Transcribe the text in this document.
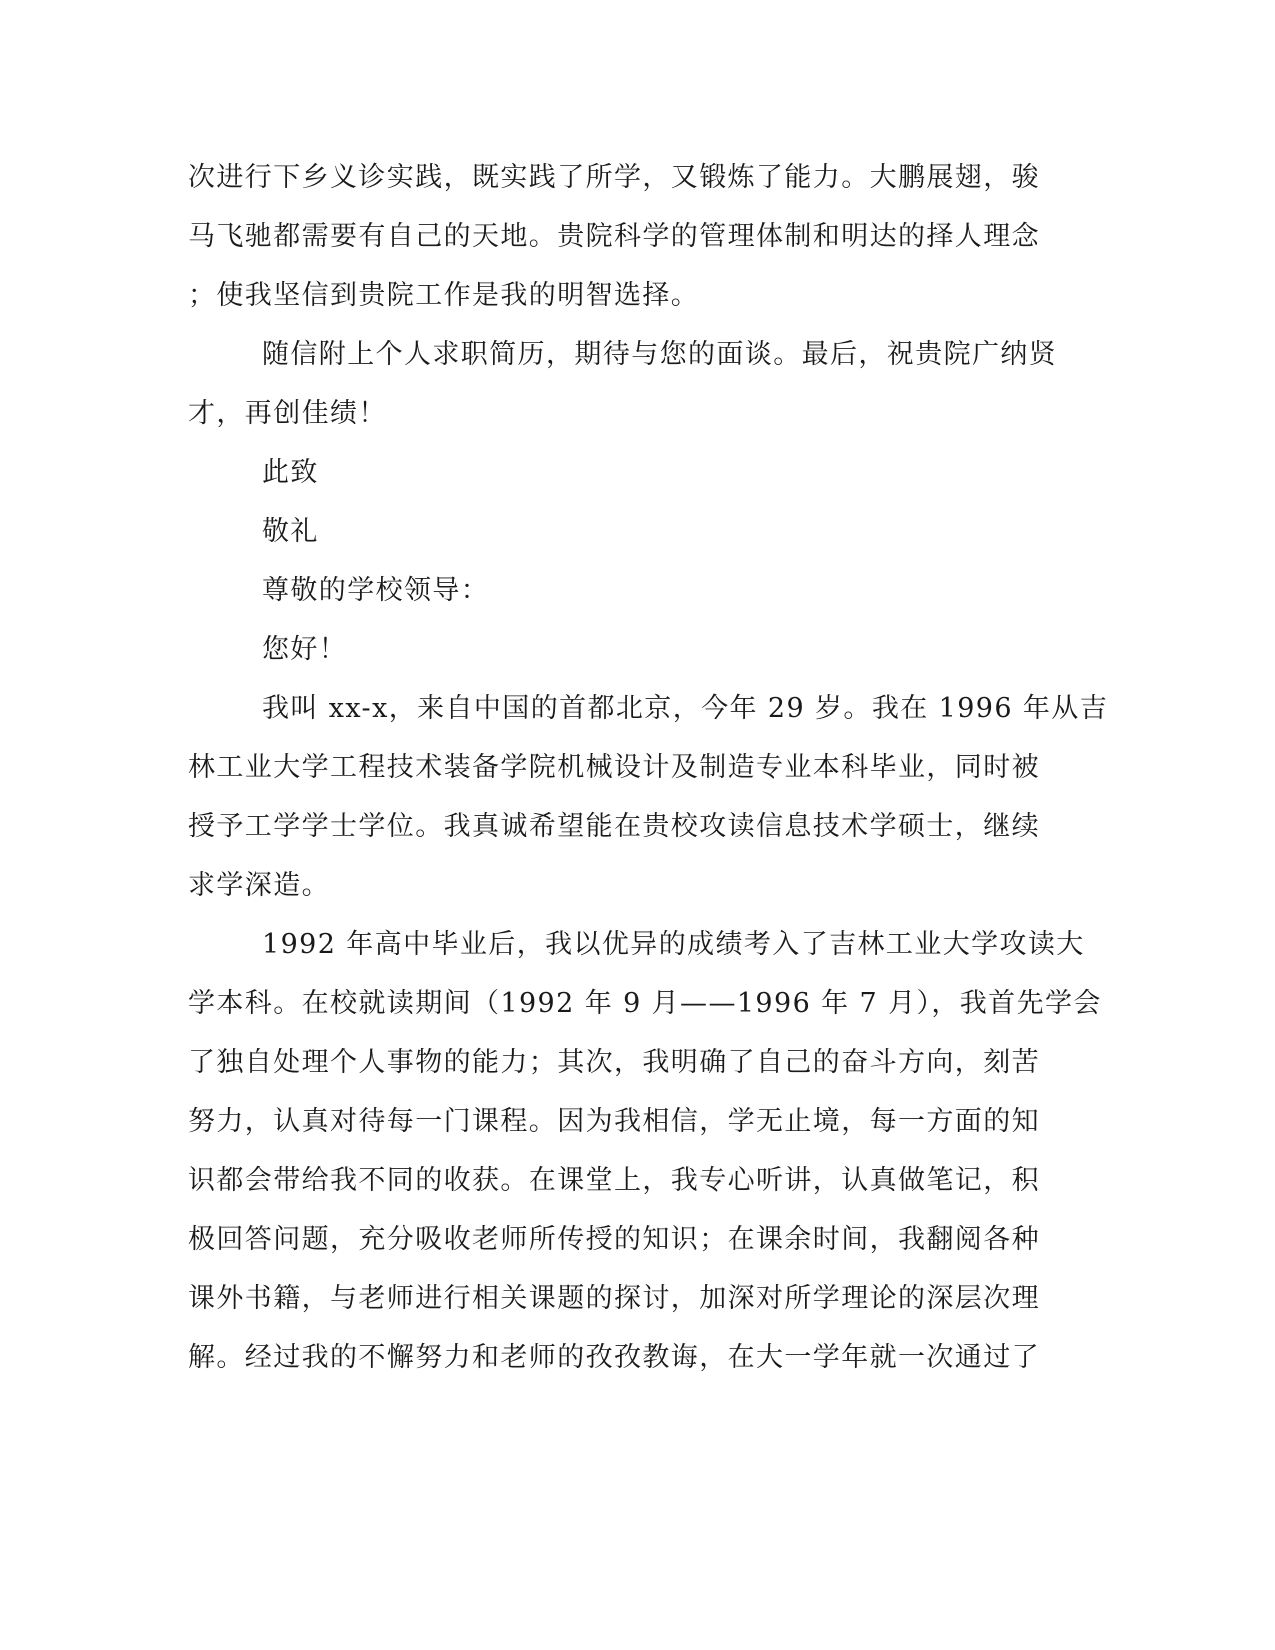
次进行下乡义诊实践，既实践了所学，又锻炼了能力。大鹏展翅，骏
马飞驰都需要有自己的天地。贵院科学的管理体制和明达的择人理念
；使我坚信到贵院工作是我的明智选择。
随信附上个人求职简历，期待与您的面谈。最后，祝贵院广纳贤
才，再创佳绩！
此致
敬礼
尊敬的学校领导：
您好！
我叫 xx-x，来自中国的首都北京，今年 29 岁。我在 1996 年从吉
林工业大学工程技术装备学院机械设计及制造专业本科毕业，同时被
授予工学学士学位。我真诚希望能在贵校攻读信息技术学硕士，继续
求学深造。
1992 年高中毕业后，我以优异的成绩考入了吉林工业大学攻读大
学本科。在校就读期间（1992 年 9 月——1996 年 7 月），我首先学会
了独自处理个人事物的能力；其次，我明确了自己的奋斗方向，刻苦
努力，认真对待每一门课程。因为我相信，学无止境，每一方面的知
识都会带给我不同的收获。在课堂上，我专心听讲，认真做笔记，积
极回答问题，充分吸收老师所传授的知识；在课余时间，我翻阅各种
课外书籍，与老师进行相关课题的探讨，加深对所学理论的深层次理
解。经过我的不懈努力和老师的孜孜教诲，在大一学年就一次通过了
